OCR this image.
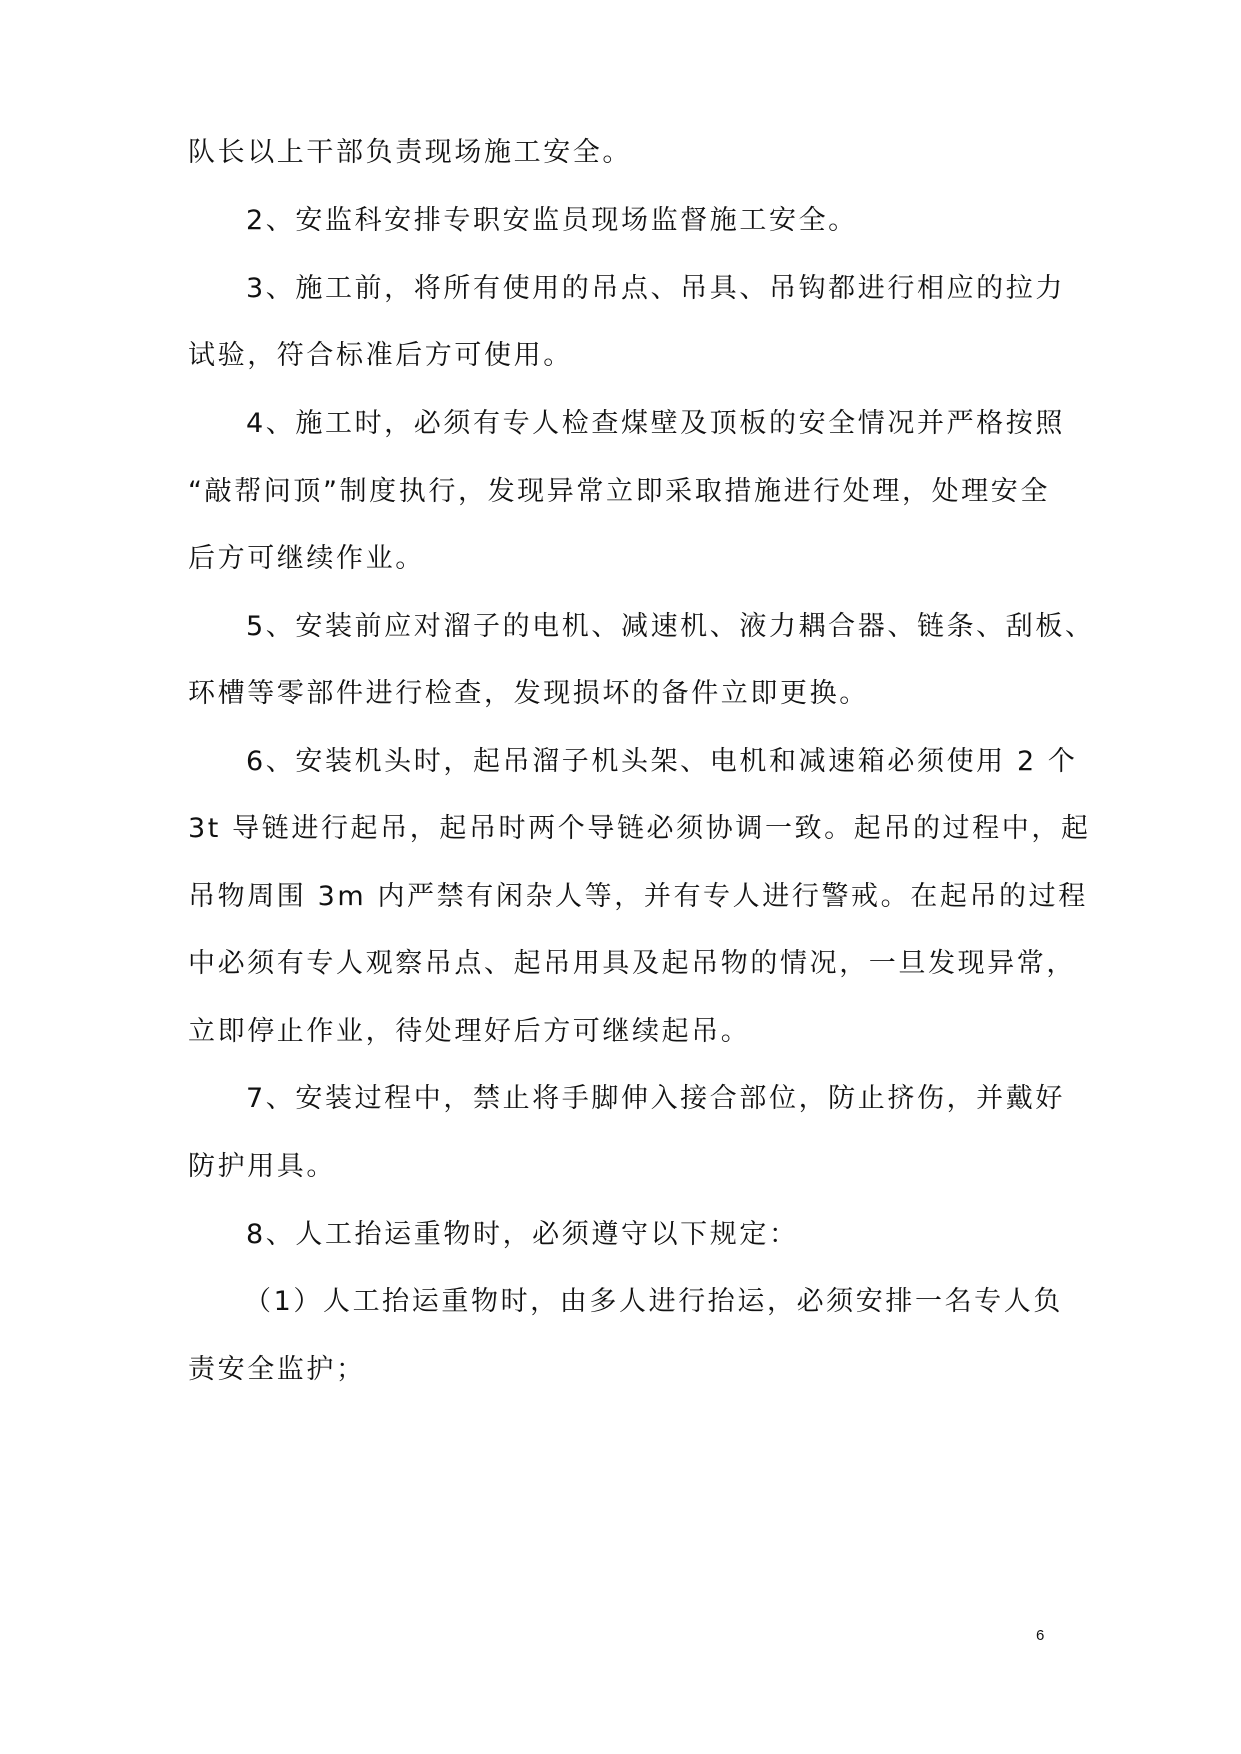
队长以上干部负责现场施工安全。
2、安监科安排专职安监员现场监督施工安全。
3、施工前，将所有使用的吊点、吊具、吊钩都进行相应的拉力
试验，符合标准后方可使用。
4、施工时，必须有专人检查煤壁及顶板的安全情况并严格按照
“敲帮问顶”制度执行，发现异常立即采取措施进行处理，处理安全
后方可继续作业。
5、安装前应对溜子的电机、减速机、液力耦合器、链条、刮板、
环槽等零部件进行检查，发现损坏的备件立即更换。
6、安装机头时，起吊溜子机头架、电机和减速箱必须使用 2 个
3t 导链进行起吊，起吊时两个导链必须协调一致。起吊的过程中，起
吊物周围 3m 内严禁有闲杂人等，并有专人进行警戒。在起吊的过程
中必须有专人观察吊点、起吊用具及起吊物的情况，一旦发现异常，
立即停止作业，待处理好后方可继续起吊。
7、安装过程中，禁止将手脚伸入接合部位，防止挤伤，并戴好
防护用具。
8、人工抬运重物时，必须遵守以下规定：
（1）人工抬运重物时，由多人进行抬运，必须安排一名专人负
责安全监护；
6
